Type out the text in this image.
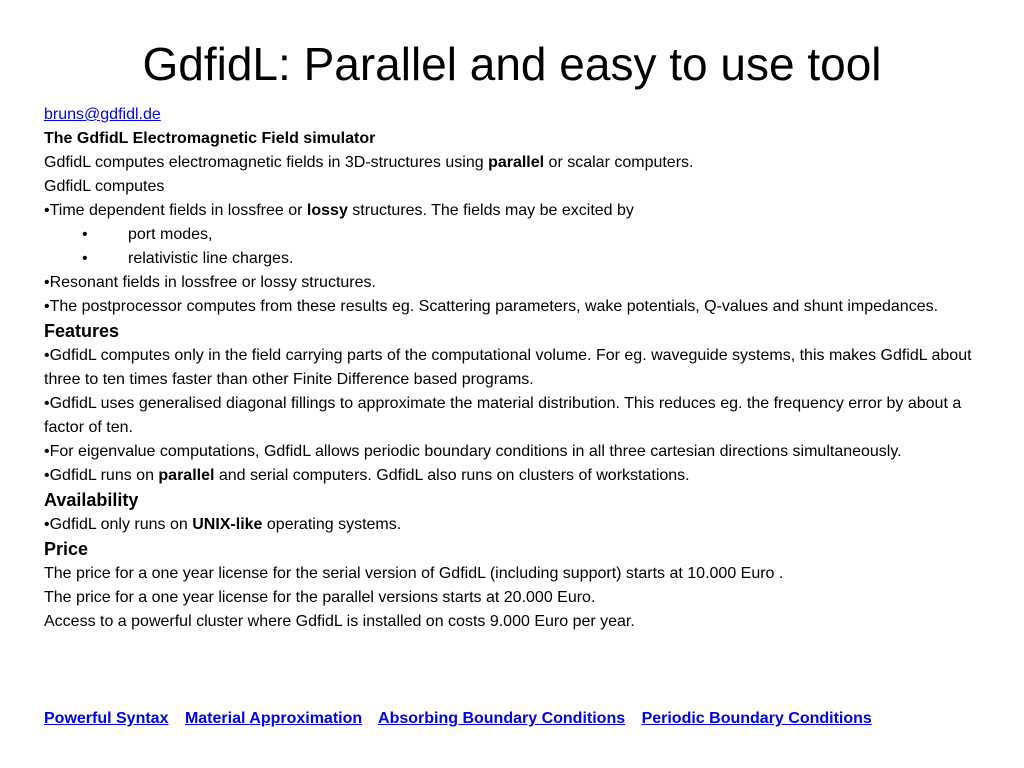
GdfidL: Parallel and easy to use tool

bruns@gdfidl.de

The GdfidL Electromagnetic Field simulator

GdfidL computes electromagnetic fields in 3D-structures using parallel or scalar computers.

GdfidL computes

•Time dependent fields in lossfree or lossy structures. The fields may be excited by

•	port modes,
•	relativistic line charges.

•Resonant fields in lossfree or lossy structures.

•The postprocessor computes from these results eg. Scattering parameters, wake potentials, Q-values and shunt impedances.

Features

•GdfidL computes only in the field carrying parts of the computational volume. For eg. waveguide systems, this makes GdfidL about three to ten times faster than other Finite Difference based programs.

•GdfidL uses generalised diagonal fillings to approximate the material distribution. This reduces eg. the frequency error by about a factor of ten.

•For eigenvalue computations, GdfidL allows periodic boundary conditions in all three cartesian directions simultaneously.

•GdfidL runs on parallel and serial computers. GdfidL also runs on clusters of workstations.

Availability

•GdfidL only runs on UNIX-like operating systems.

Price

The price for a one year license for the serial version of GdfidL (including support) starts at 10.000 Euro .

The price for a one year license for the parallel versions starts at 20.000 Euro.

Access to a powerful cluster where GdfidL is installed on costs 9.000 Euro per year.

Powerful Syntax Material Approximation Absorbing Boundary Conditions Periodic Boundary Conditions
